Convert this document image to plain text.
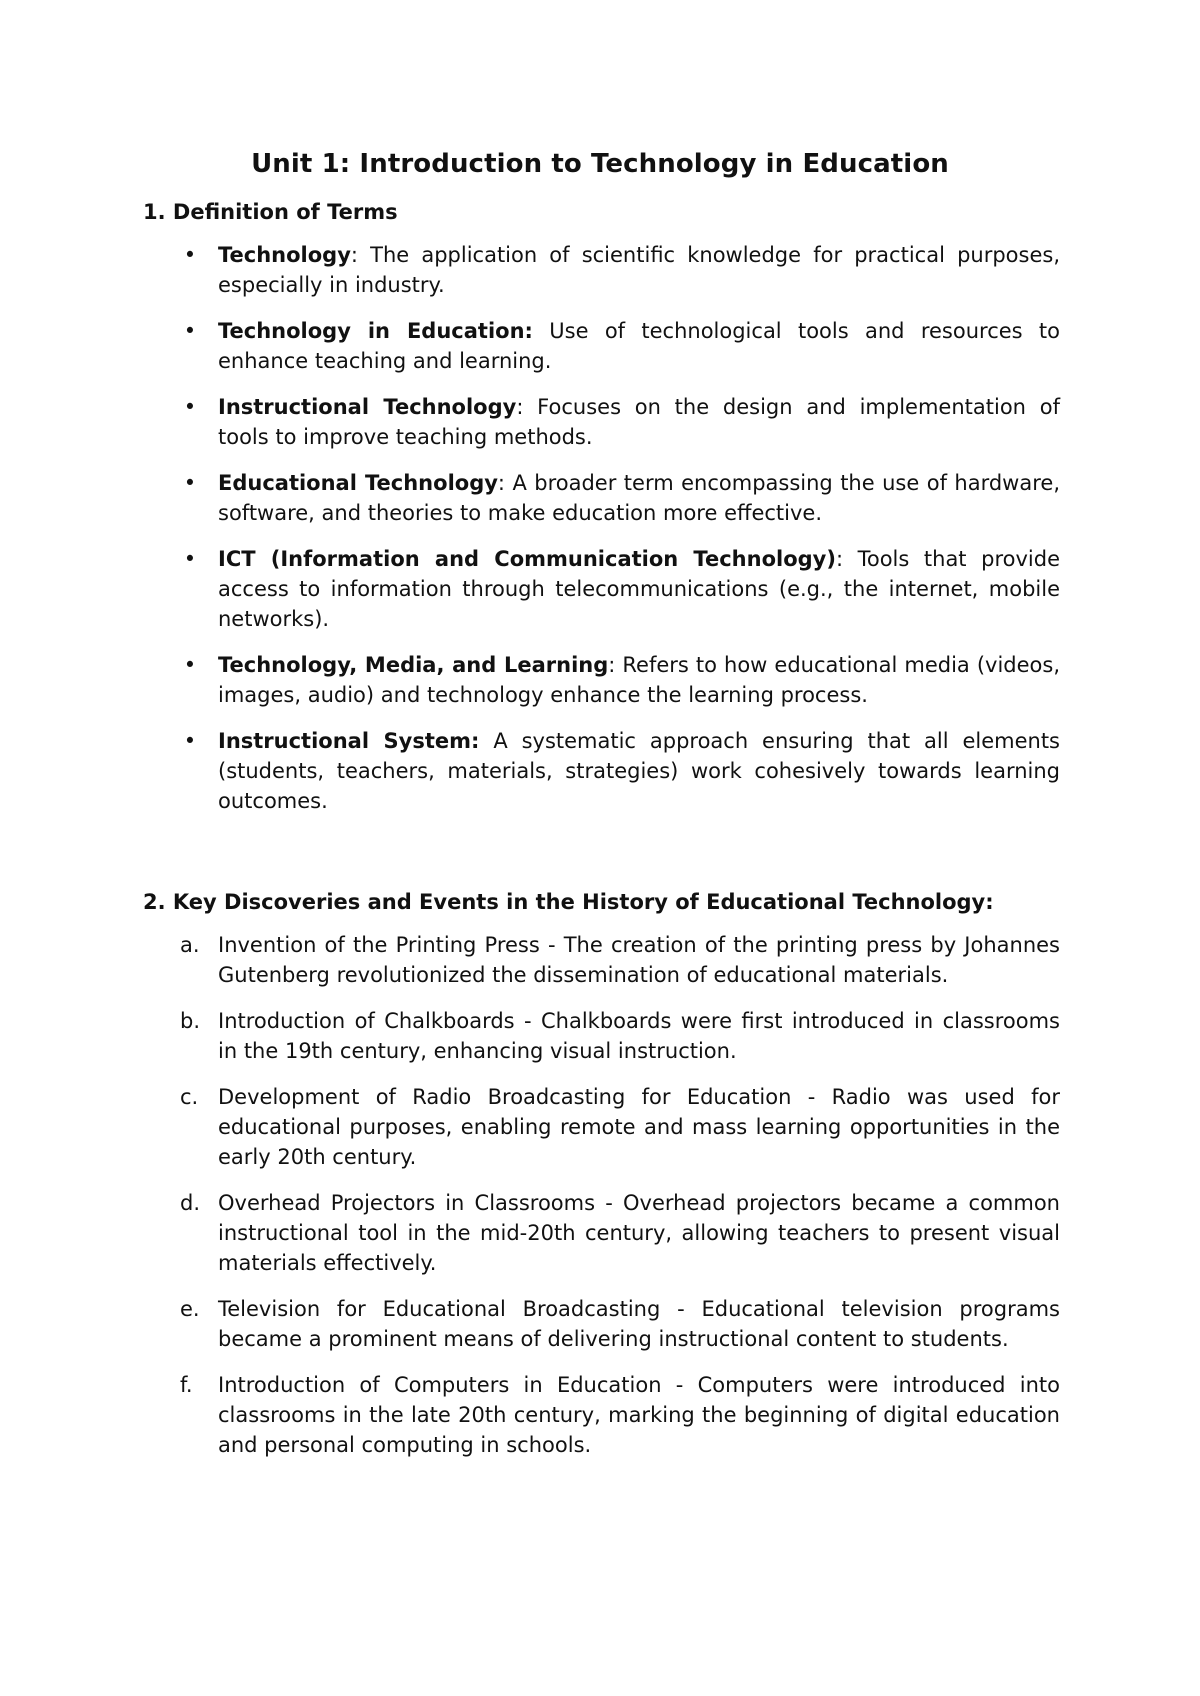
Unit 1: Introduction to Technology in Education
1. Definition of Terms
• Technology: The application of scientific knowledge for practical purposes, especially in industry.
• Technology in Education: Use of technological tools and resources to enhance teaching and learning.
• Instructional Technology: Focuses on the design and implementation of tools to improve teaching methods.
• Educational Technology: A broader term encompassing the use of hardware, software, and theories to make education more effective.
• ICT (Information and Communication Technology): Tools that provide access to information through telecommunications (e.g., the internet, mobile networks).
• Technology, Media, and Learning: Refers to how educational media (videos, images, audio) and technology enhance the learning process.
• Instructional System: A systematic approach ensuring that all elements (students, teachers, materials, strategies) work cohesively towards learning outcomes.
2. Key Discoveries and Events in the History of Educational Technology:
a. Invention of the Printing Press - The creation of the printing press by Johannes Gutenberg revolutionized the dissemination of educational materials.
b. Introduction of Chalkboards - Chalkboards were first introduced in classrooms in the 19th century, enhancing visual instruction.
c. Development of Radio Broadcasting for Education - Radio was used for educational purposes, enabling remote and mass learning opportunities in the early 20th century.
d. Overhead Projectors in Classrooms - Overhead projectors became a common instructional tool in the mid-20th century, allowing teachers to present visual materials effectively.
e. Television for Educational Broadcasting - Educational television programs became a prominent means of delivering instructional content to students.
f.	Introduction of Computers in Education - Computers were introduced into classrooms in the late 20th century, marking the beginning of digital education and personal computing in schools.
